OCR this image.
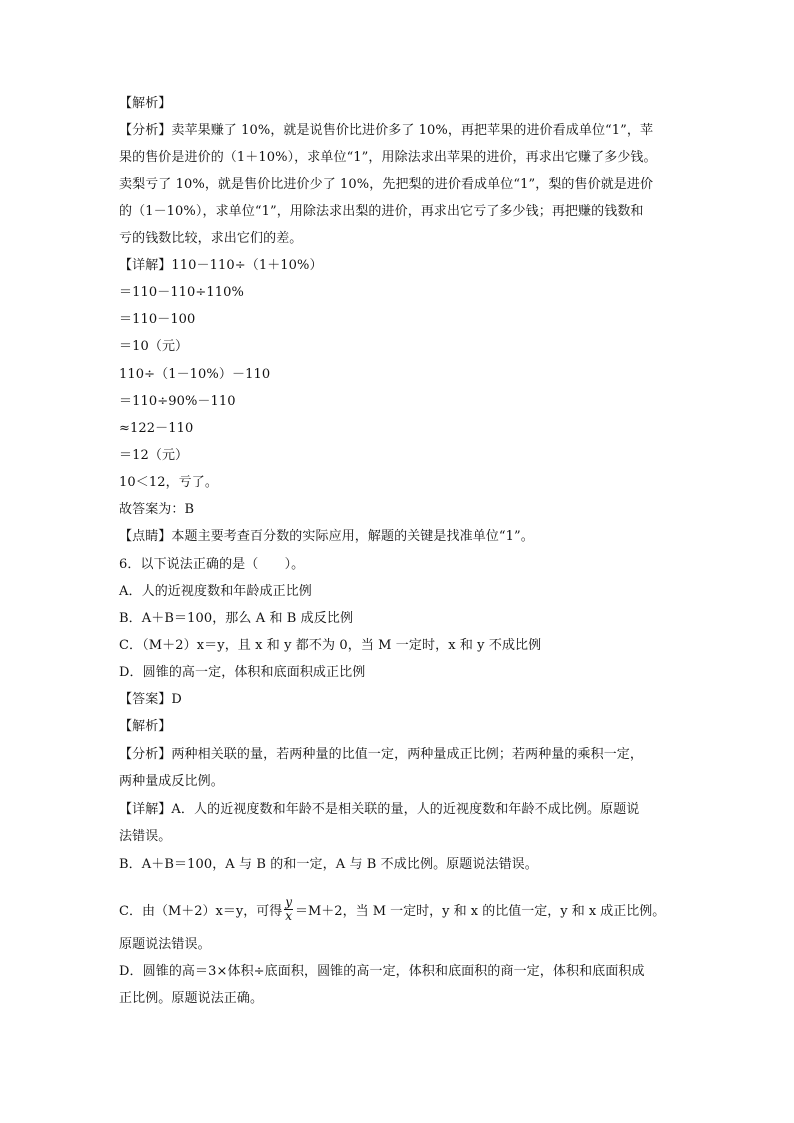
【解析】
【分析】卖苹果赚了 10%，就是说售价比进价多了 10%，再把苹果的进价看成单位“1”，苹
果的售价是进价的（1＋10%），求单位“1”，用除法求出苹果的进价，再求出它赚了多少钱。
卖梨亏了 10%，就是售价比进价少了 10%，先把梨的进价看成单位“1”，梨的售价就是进价
的（1－10%），求单位“1”，用除法求出梨的进价，再求出它亏了多少钱；再把赚的钱数和
亏的钱数比较，求出它们的差。
【详解】110－110÷（1＋10%）
＝110－110÷110%
＝110－100
＝10（元）
110÷（1－10%）－110
＝110÷90%－110
≈122－110
＝12（元）
10＜12，亏了。
故答案为：B
【点睛】本题主要考查百分数的实际应用，解题的关键是找准单位“1”。
6．以下说法正确的是（　　）。
A．人的近视度数和年龄成正比例
B．A＋B＝100，那么 A 和 B 成反比例
C．（M＋2）x＝y，且 x 和 y 都不为 0，当 M 一定时，x 和 y 不成比例
D．圆锥的高一定，体积和底面积成正比例
【答案】D
【解析】
【分析】两种相关联的量，若两种量的比值一定，两种量成正比例；若两种量的乘积一定，
两种量成反比例。
【详解】A．人的近视度数和年龄不是相关联的量，人的近视度数和年龄不成比例。原题说
法错误。
B．A＋B＝100，A 与 B 的和一定，A 与 B 不成比例。原题说法错误。
C．由（M＋2）x＝y，可得 $\frac{y}{x} =M+2$，当 M 一定时，y 和 x 的比值一定，y 和 x 成正比例。
原题说法错误。
D．圆锥的高＝3×体积÷底面积，圆锥的高一定，体积和底面积的商一定，体积和底面积成
正比例。原题说法正确。
